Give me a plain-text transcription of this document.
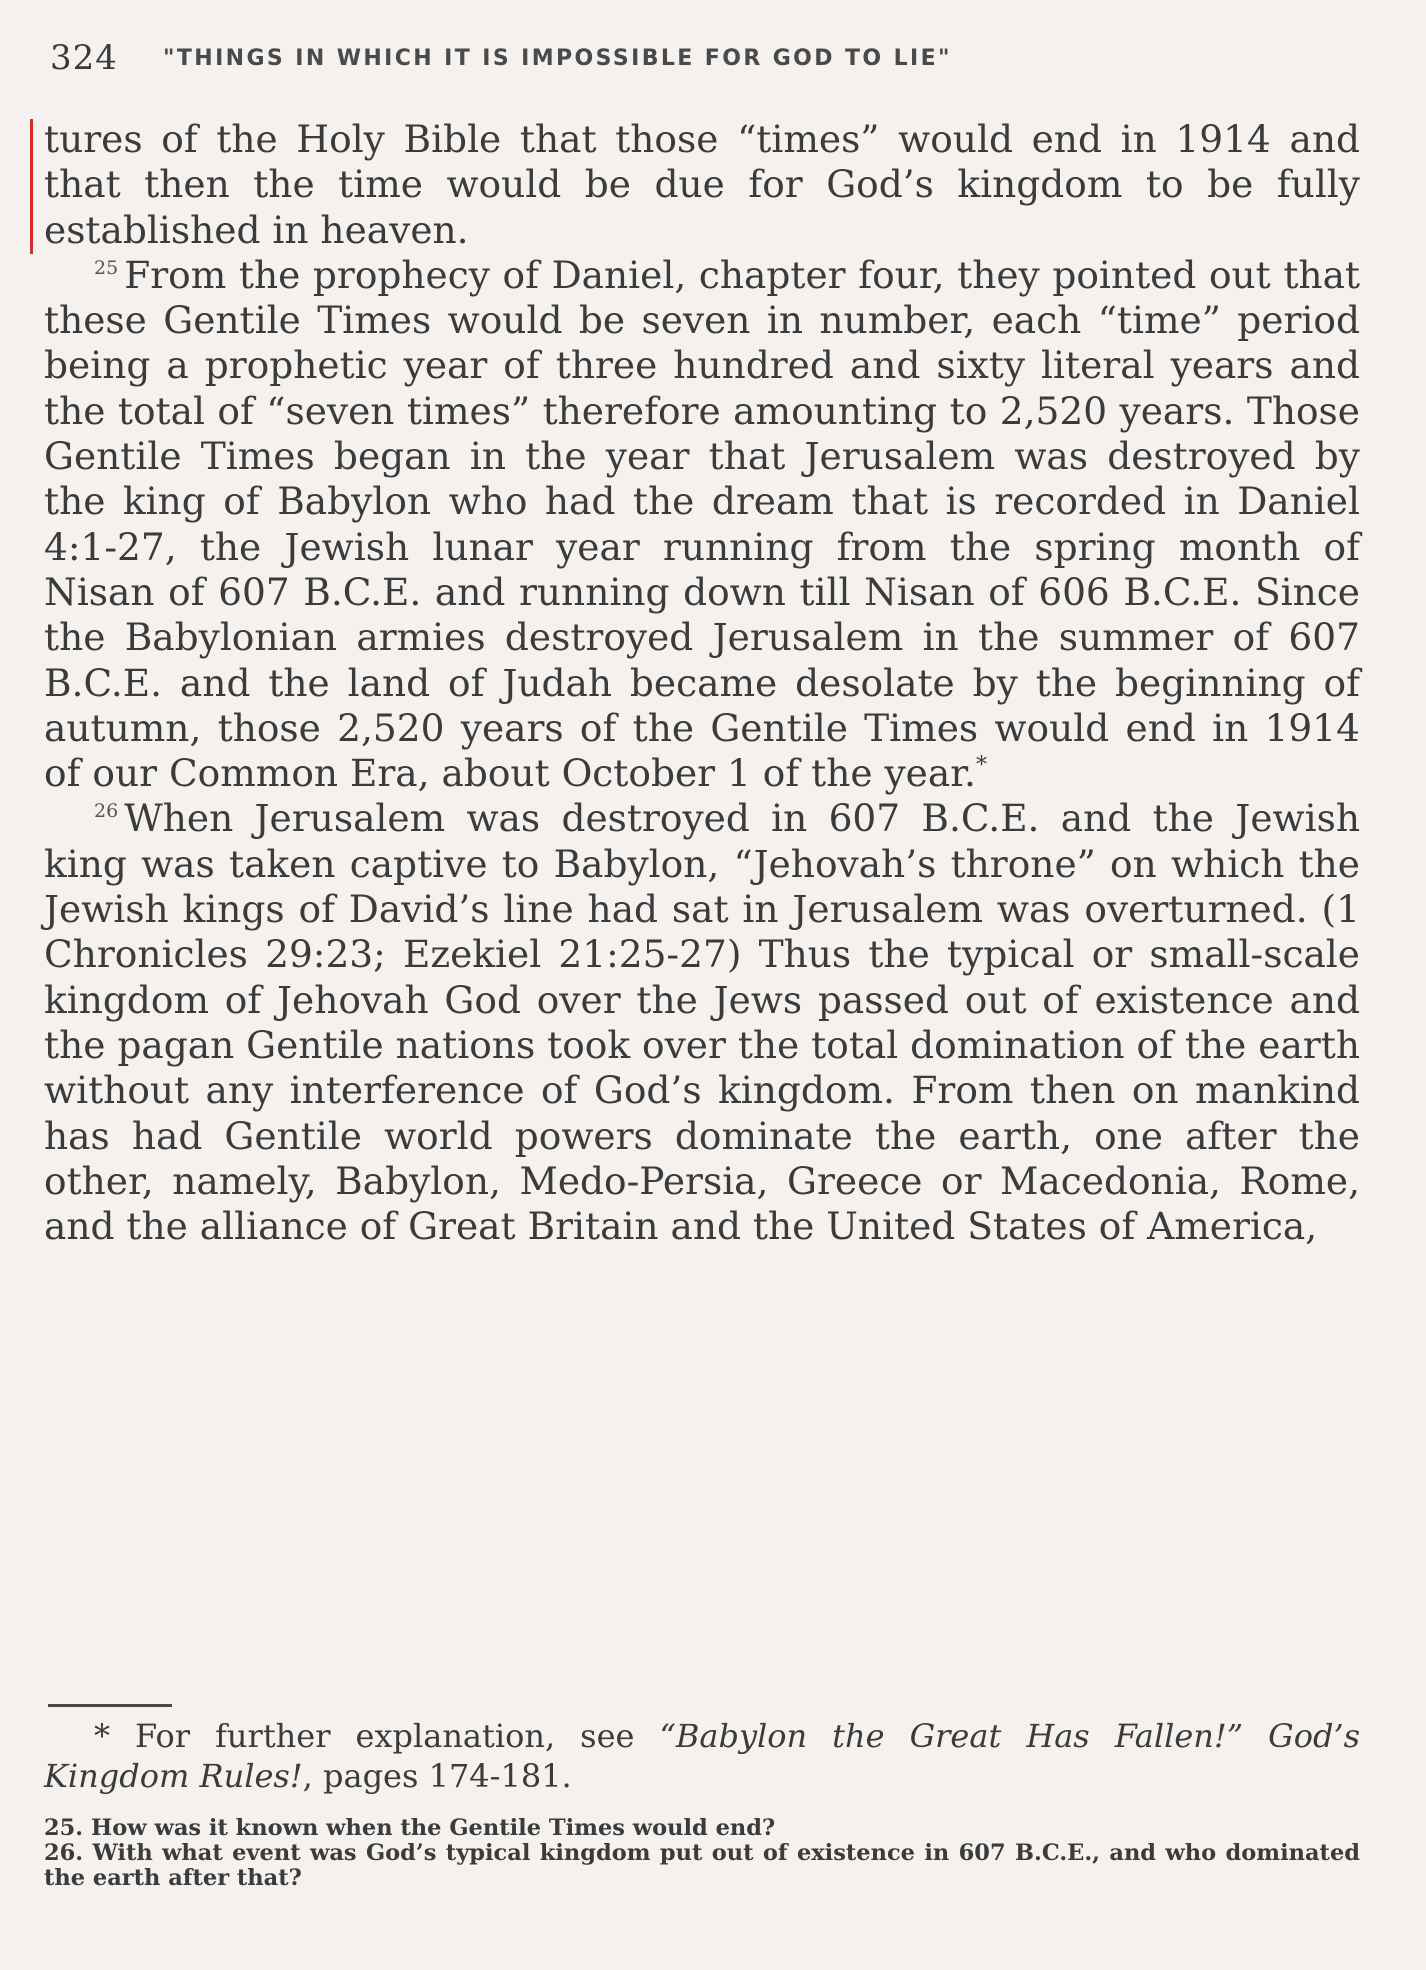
324 "THINGS IN WHICH IT IS IMPOSSIBLE FOR GOD TO LIE"

tures of the Holy Bible that those “times” would end in 1914 and that then the time would be due for God’s kingdom to be fully established in heaven.

$^{25}$ From the prophecy of Daniel, chapter four, they pointed out that these Gentile Times would be seven in number, each “time” period being a prophetic year of three hundred and sixty literal years and the total of “seven times” therefore amounting to 2,520 years. Those Gentile Times began in the year that Jerusalem was destroyed by the king of Babylon who had the dream that is recorded in Daniel 4:1-27, the Jewish lunar year running from the spring month of Nisan of 607 B.C.E. and running down till Nisan of 606 B.C.E. Since the Babylonian armies destroyed Jerusalem in the summer of 607 B.C.E. and the land of Judah became desolate by the beginning of autumn, those 2,520 years of the Gentile Times would end in 1914 of our Common Era, about October 1 of the year.*

$^{26}$ When Jerusalem was destroyed in 607 B.C.E. and the Jewish king was taken captive to Babylon, “Jehovah’s throne” on which the Jewish kings of David’s line had sat in Jerusalem was overturned. (1 Chronicles 29:23; Ezekiel 21:25-27) Thus the typical or small-scale kingdom of Jehovah God over the Jews passed out of existence and the pagan Gentile nations took over the total domination of the earth without any interference of God’s kingdom. From then on mankind has had Gentile world powers dominate the earth, one after the other, namely, Babylon, Medo-Persia, Greece or Macedonia, Rome, and the alliance of Great Britain and the United States of America,

* For further explanation, see “Babylon the Great Has Fallen!” God’s Kingdom Rules!, pages 174-181.

25. How was it known when the Gentile Times would end?

26. With what event was God’s typical kingdom put out of existence in 607 B.C.E., and who dominated the earth after that?
